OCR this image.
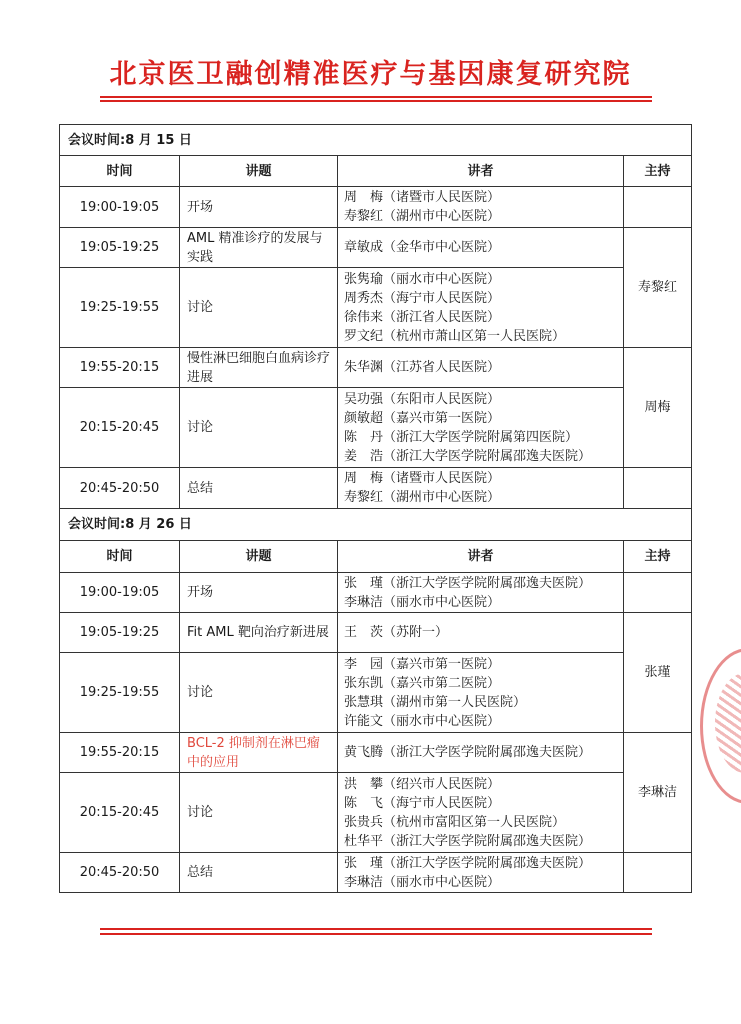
北京医卫融创精准医疗与基因康复研究院
会议时间:8 月 15 日			
时间	讲题	讲者	主持
19:00-19:05	开场	周　梅（诸暨市人民医院）
寿黎红（湖州市中心医院）	

19:05-19:25	AML 精准诊疗的发展与实践	章敏成（金华市中心医院）	寿黎红
19:25-19:55	讨论	张隽瑜（丽水市中心医院）
周秀杰（海宁市人民医院）
徐伟来（浙江省人民医院）
罗文纪（杭州市萧山区第一人民医院）	

19:55-20:15	慢性淋巴细胞白血病诊疗进展	朱华渊（江苏省人民医院）	周梅
20:15-20:45	讨论	吴功强（东阳市人民医院）
颜敏超（嘉兴市第一医院）
陈　丹（浙江大学医学院附属第四医院）
姜　浩（浙江大学医学院附属邵逸夫医院）	

20:45-20:50	总结	周　梅（诸暨市人民医院）
寿黎红（湖州市中心医院）	

会议时间:8 月 26 日			
时间	讲题	讲者	主持
19:00-19:05	开场	张　瑾（浙江大学医学院附属邵逸夫医院）
李琳洁（丽水市中心医院）	

19:05-19:25	Fit AML 靶向治疗新进展	王　茨（苏附一）	张瑾
19:25-19:55	讨论	李　园（嘉兴市第一医院）
张东凯（嘉兴市第二医院）
张慧琪（湖州市第一人民医院）
许能文（丽水市中心医院）	

19:55-20:15	BCL-2 抑制剂在淋巴瘤中的应用	黄飞腾（浙江大学医学院附属邵逸夫医院）	李琳洁
20:15-20:45	讨论	洪　攀（绍兴市人民医院）
陈　飞（海宁市人民医院）
张贵兵（杭州市富阳区第一人民医院）
杜华平（浙江大学医学院附属邵逸夫医院）	

20:45-20:50	总结	张　瑾（浙江大学医学院附属邵逸夫医院）
李琳洁（丽水市中心医院）	
